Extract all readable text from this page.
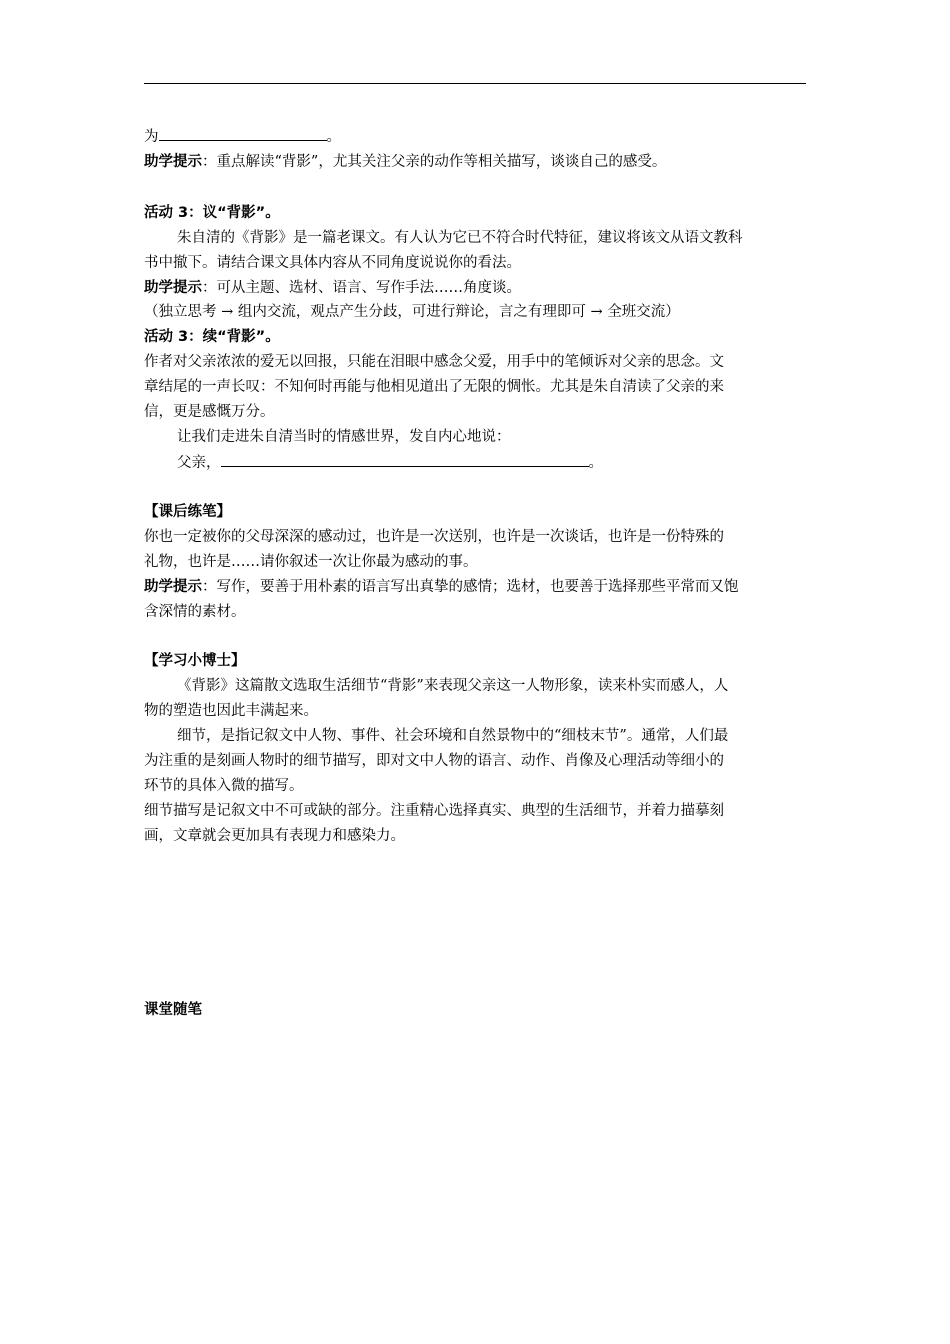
为	。
助学提示：重点解读“背影”，尤其关注父亲的动作等相关描写，谈谈自己的感受。
活动 3：议“背影”。
朱自清的《背影》是一篇老课文。有人认为它已不符合时代特征，建议将该文从语文教科
书中撤下。请结合课文具体内容从不同角度说说你的看法。
助学提示：可从主题、选材、语言、写作手法……角度谈。
（独立思考 → 组内交流，观点产生分歧，可进行辩论，言之有理即可 → 全班交流）
活动 3：续“背影”。
作者对父亲浓浓的爱无以回报，只能在泪眼中感念父爱，用手中的笔倾诉对父亲的思念。文
章结尾的一声长叹：不知何时再能与他相见道出了无限的惆怅。尤其是朱自清读了父亲的来
信，更是感慨万分。
让我们走进朱自清当时的情感世界，发自内心地说：
父亲，	。
【课后练笔】
你也一定被你的父母深深的感动过，也许是一次送别，也许是一次谈话，也许是一份特殊的
礼物，也许是……请你叙述一次让你最为感动的事。
助学提示：写作，要善于用朴素的语言写出真挚的感情；选材，也要善于选择那些平常而又饱
含深情的素材。
【学习小博士】
《背影》这篇散文选取生活细节“背影”来表现父亲这一人物形象，读来朴实而感人，人
物的塑造也因此丰满起来。
细节，是指记叙文中人物、事件、社会环境和自然景物中的“细枝末节”。通常，人们最
为注重的是刻画人物时的细节描写，即对文中人物的语言、动作、肖像及心理活动等细小的
环节的具体入微的描写。
细节描写是记叙文中不可或缺的部分。注重精心选择真实、典型的生活细节，并着力描摹刻
画，文章就会更加具有表现力和感染力。
课堂随笔
